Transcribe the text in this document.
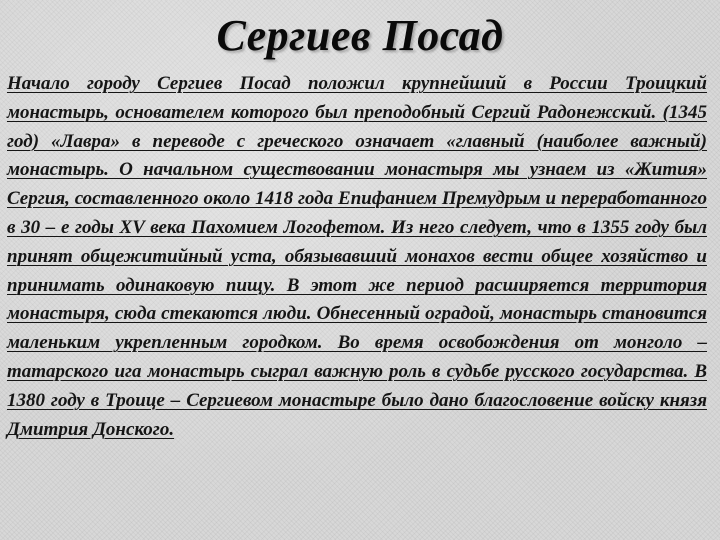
Сергиев Посад

Начало городу Сергиев Посад положил крупнейший в России Троицкий монастырь, основателем которого был преподобный Сергий Радонежский. (1345 год) «Лавра» в переводе с греческого означает «главный (наиболее важный) монастырь. О начальном существовании монастыря мы узнаем из «Жития» Сергия, составленного около 1418 года Епифанием Премудрым и переработанного в 30 – е годы XV века Пахомием Логофетом. Из него следует, что в 1355 году был принят общежитийный уста, обязывавший монахов вести общее хозяйство и принимать одинаковую пищу. В этот же период расширяется территория монастыря, сюда стекаются люди. Обнесенный оградой, монастырь становится маленьким укрепленным городком. Во время освобождения от монголо – татарского ига монастырь сыграл важную роль в судьбе русского государства. В 1380 году в Троице – Сергиевом монастыре было дано благословение войску князя Дмитрия Донского.
